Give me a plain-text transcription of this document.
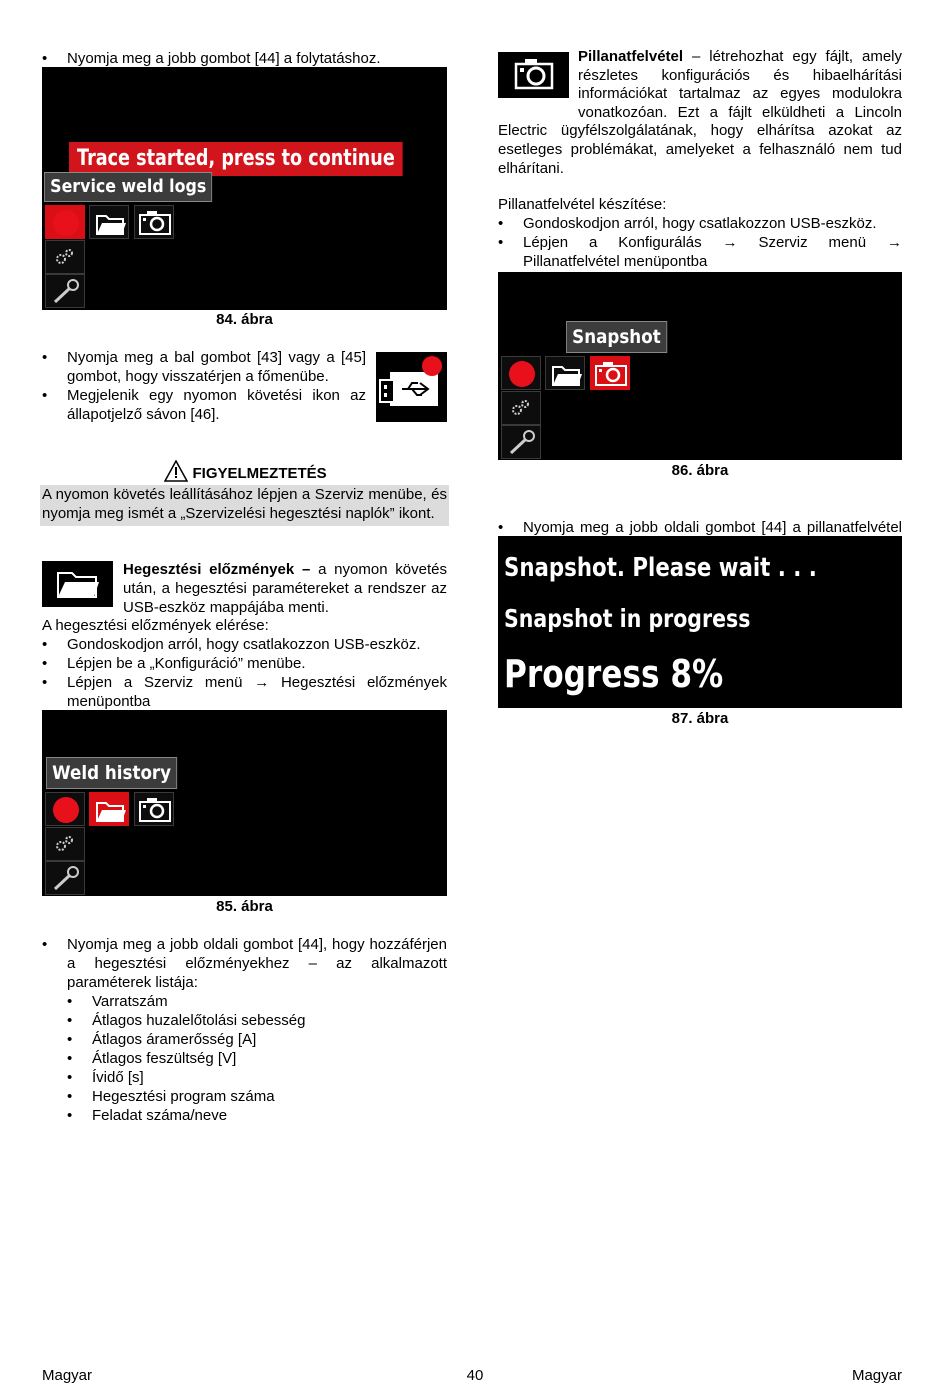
• Nyomja meg a jobb gombot [44] a folytatáshoz.
Trace started, press to continue
Service weld logs
84. ábra
• Nyomja meg a bal gombot [43] vagy a [45] gombot, hogy visszatérjen a főmenübe.
• Megjelenik egy nyomon követési ikon az állapotjelző sávon [46].
FIGYELMEZTETÉS
A nyomon követés leállításához lépjen a Szerviz menübe, és nyomja meg ismét a „Szervizelési hegesztési naplók” ikont.
Hegesztési előzmények – a nyomon követés után, a hegesztési paramétereket a rendszer az USB-eszköz mappájába menti.
A hegesztési előzmények elérése:
• Gondoskodjon arról, hogy csatlakozzon USB-eszköz.
• Lépjen be a „Konfiguráció” menübe.
• Lépjen a Szerviz menü → Hegesztési előzmények menüpontba
Weld history
85. ábra
• Nyomja meg a jobb oldali gombot [44], hogy hozzáférjen a hegesztési előzményekhez – az alkalmazott paraméterek listája:
• Varratszám
• Átlagos huzalelőtolási sebesség
• Átlagos áramerősség [A]
• Átlagos feszültség [V]
• Ívidő [s]
• Hegesztési program száma
• Feladat száma/neve
Pillanatfelvétel – létrehozhat egy fájlt, amely részletes konfigurációs és hibaelhárítási információkat tartalmaz az egyes modulokra vonatkozóan. Ezt a fájlt elküldheti a Lincoln Electric ügyfélszolgálatának, hogy elhárítsa azokat az esetleges problémákat, amelyeket a felhasználó nem tud elhárítani.
Pillanatfelvétel készítése:
• Gondoskodjon arról, hogy csatlakozzon USB-eszköz.
• Lépjen a Konfigurálás → Szerviz menü → Pillanatfelvétel menüpontba
Snapshot
86. ábra
• Nyomja meg a jobb oldali gombot [44] a pillanatfelvétel
Snapshot. Please wait . . .
Snapshot in progress
Progress 8%
87. ábra
Magyar	40	Magyar
